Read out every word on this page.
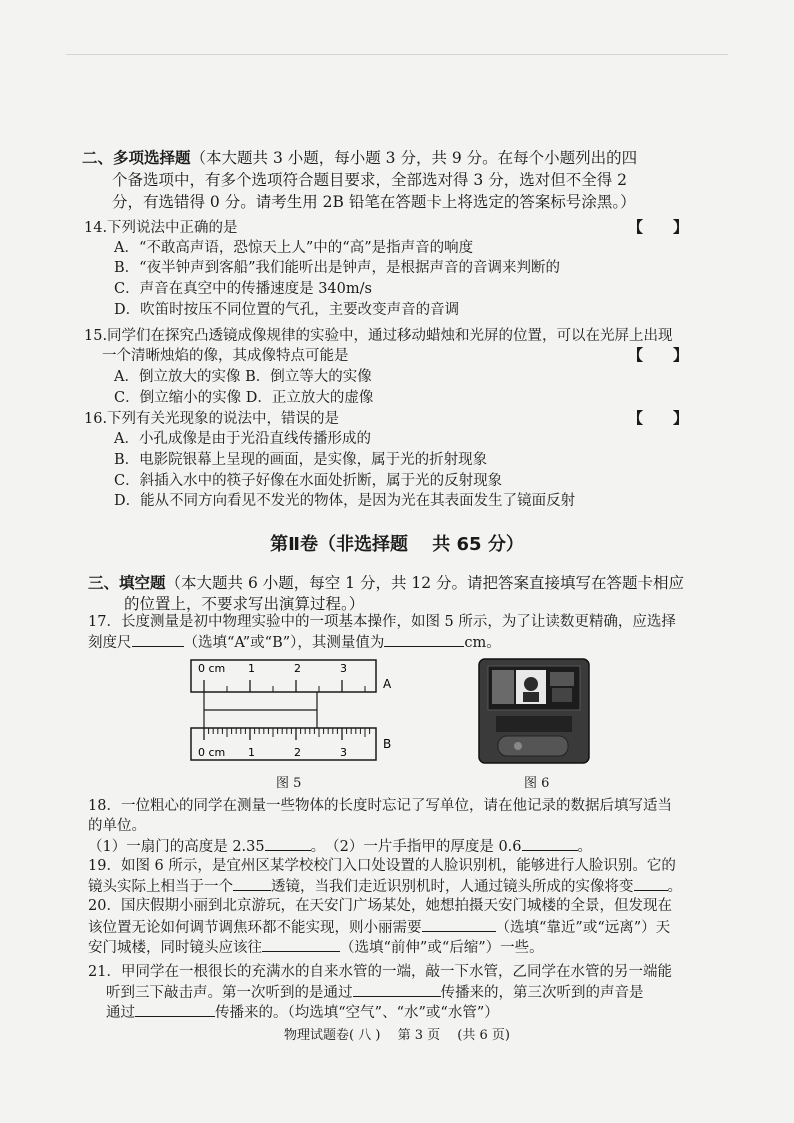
二、多项选择题（本大题共 3 小题，每小题 3 分，共 9 分。在每个小题列出的四
个备选项中，有多个选项符合题目要求，全部选对得 3 分，选对但不全得 2
分，有选错得 0 分。请考生用 2B 铅笔在答题卡上将选定的答案标号涂黑。）
14.下列说法中正确的是	【　　】
A．“不敢高声语，恐惊天上人”中的“高”是指声音的响度
B．“夜半钟声到客船”我们能听出是钟声，是根据声音的音调来判断的
C．声音在真空中的传播速度是 340m/s
D．吹笛时按压不同位置的气孔，主要改变声音的音调
15.同学们在探究凸透镜成像规律的实验中，通过移动蜡烛和光屏的位置，可以在光屏上出现
一个清晰烛焰的像，其成像特点可能是	【　　】
A．倒立放大的实像 B．倒立等大的实像
C．倒立缩小的实像 D．正立放大的虚像
16.下列有关光现象的说法中，错误的是	【　　】
A．小孔成像是由于光沿直线传播形成的
B．电影院银幕上呈现的画面，是实像，属于光的折射现象
C．斜插入水中的筷子好像在水面处折断，属于光的反射现象
D．能从不同方向看见不发光的物体，是因为光在其表面发生了镜面反射
第Ⅱ卷（非选择题　 共 65 分）
三、填空题（本大题共 6 小题，每空 1 分，共 12 分。请把答案直接填写在答题卡相应
的位置上，不要求写出演算过程。）
17．长度测量是初中物理实验中的一项基本操作，如图 5 所示，为了让读数更精确，应选择
刻度尺	（选填“A”或“B”），其测量值为	cm。
0 cm 1	2	3
0 cm 1	2	3
A
B
图 5	图 6
18．一位粗心的同学在测量一些物体的长度时忘记了写单位，请在他记录的数据后填写适当
的单位。
（1）一扇门的高度是 2.35	。　（2）一片手指甲的厚度是 0.6	。
19．如图 6 所示，是宜州区某学校校门入口处设置的人脸识别机，能够进行人脸识别。它的
镜头实际上相当于一个	透镜，当我们走近识别机时，人通过镜头所成的实像将变 。
20．国庆假期小丽到北京游玩，在天安门广场某处，她想拍摄天安门城楼的全景，但发现在
该位置无论如何调节调焦环都不能实现，则小丽需要	（选填“靠近”或“远离”）天
安门城楼，同时镜头应该往	（选填“前伸”或“后缩”）一些。
21．甲同学在一根很长的充满水的自来水管的一端，敲一下水管，乙同学在水管的另一端能
听到三下敲击声。第一次听到的是通过	传播来的，第三次听到的声音是
通过	传播来的。（均选填“空气”、“水”或“水管”）
物理试题卷( 八 )　 第 3 页　 (共 6 页)
